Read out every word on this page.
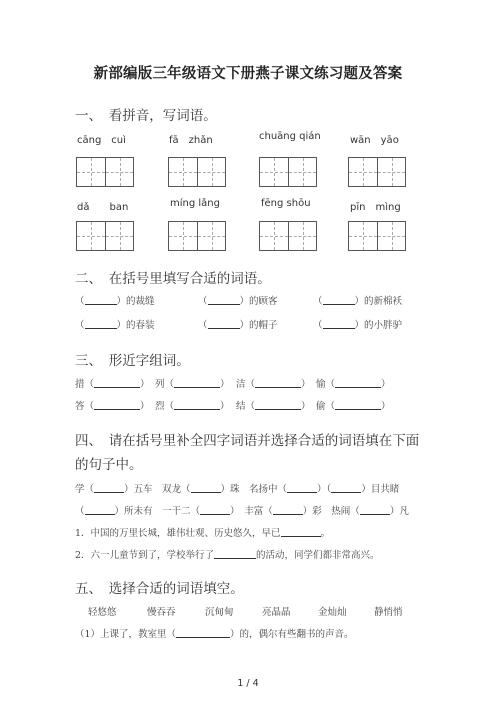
新部编版三年级语文下册燕子课文练习题及答案
一、　看拼音，写词语。
cāng　cuì	fā　zhǎn	chuāng qián	wān　yāo
dǎ　　ban	míng lǎng	fēng shōu	pīn　mìng
二、　在括号里填写合适的词语。
（	）的裁缝	（	）的顾客	（	）的新棉袄
（	）的春装	（	）的帽子	（	）的小胖驴
三、　形近字组词。
措（	） 列（	） 洁（	） 愉（	）
答（	） 烈（	） 结（	） 偷（	）
四、　请在括号里补全四字词语并选择合适的词语填在下面
的句子中。
学（	）五车　双龙（	）珠　名扬中（	）（	）目共睹
（	）所未有　一干二（	）　丰富（	）彩　热闹（	）凡
1．中国的万里长城，雄伟壮观、历史悠久，早已	。
2．六一儿童节到了，学校举行了	的活动，同学们都非常高兴。
五、　选择合适的词语填空。
轻悠悠	慢吞吞	沉甸甸	亮晶晶	金灿灿	静悄悄
（1）上课了，教室里（	）的，偶尔有些翻书的声音。
1 / 4
